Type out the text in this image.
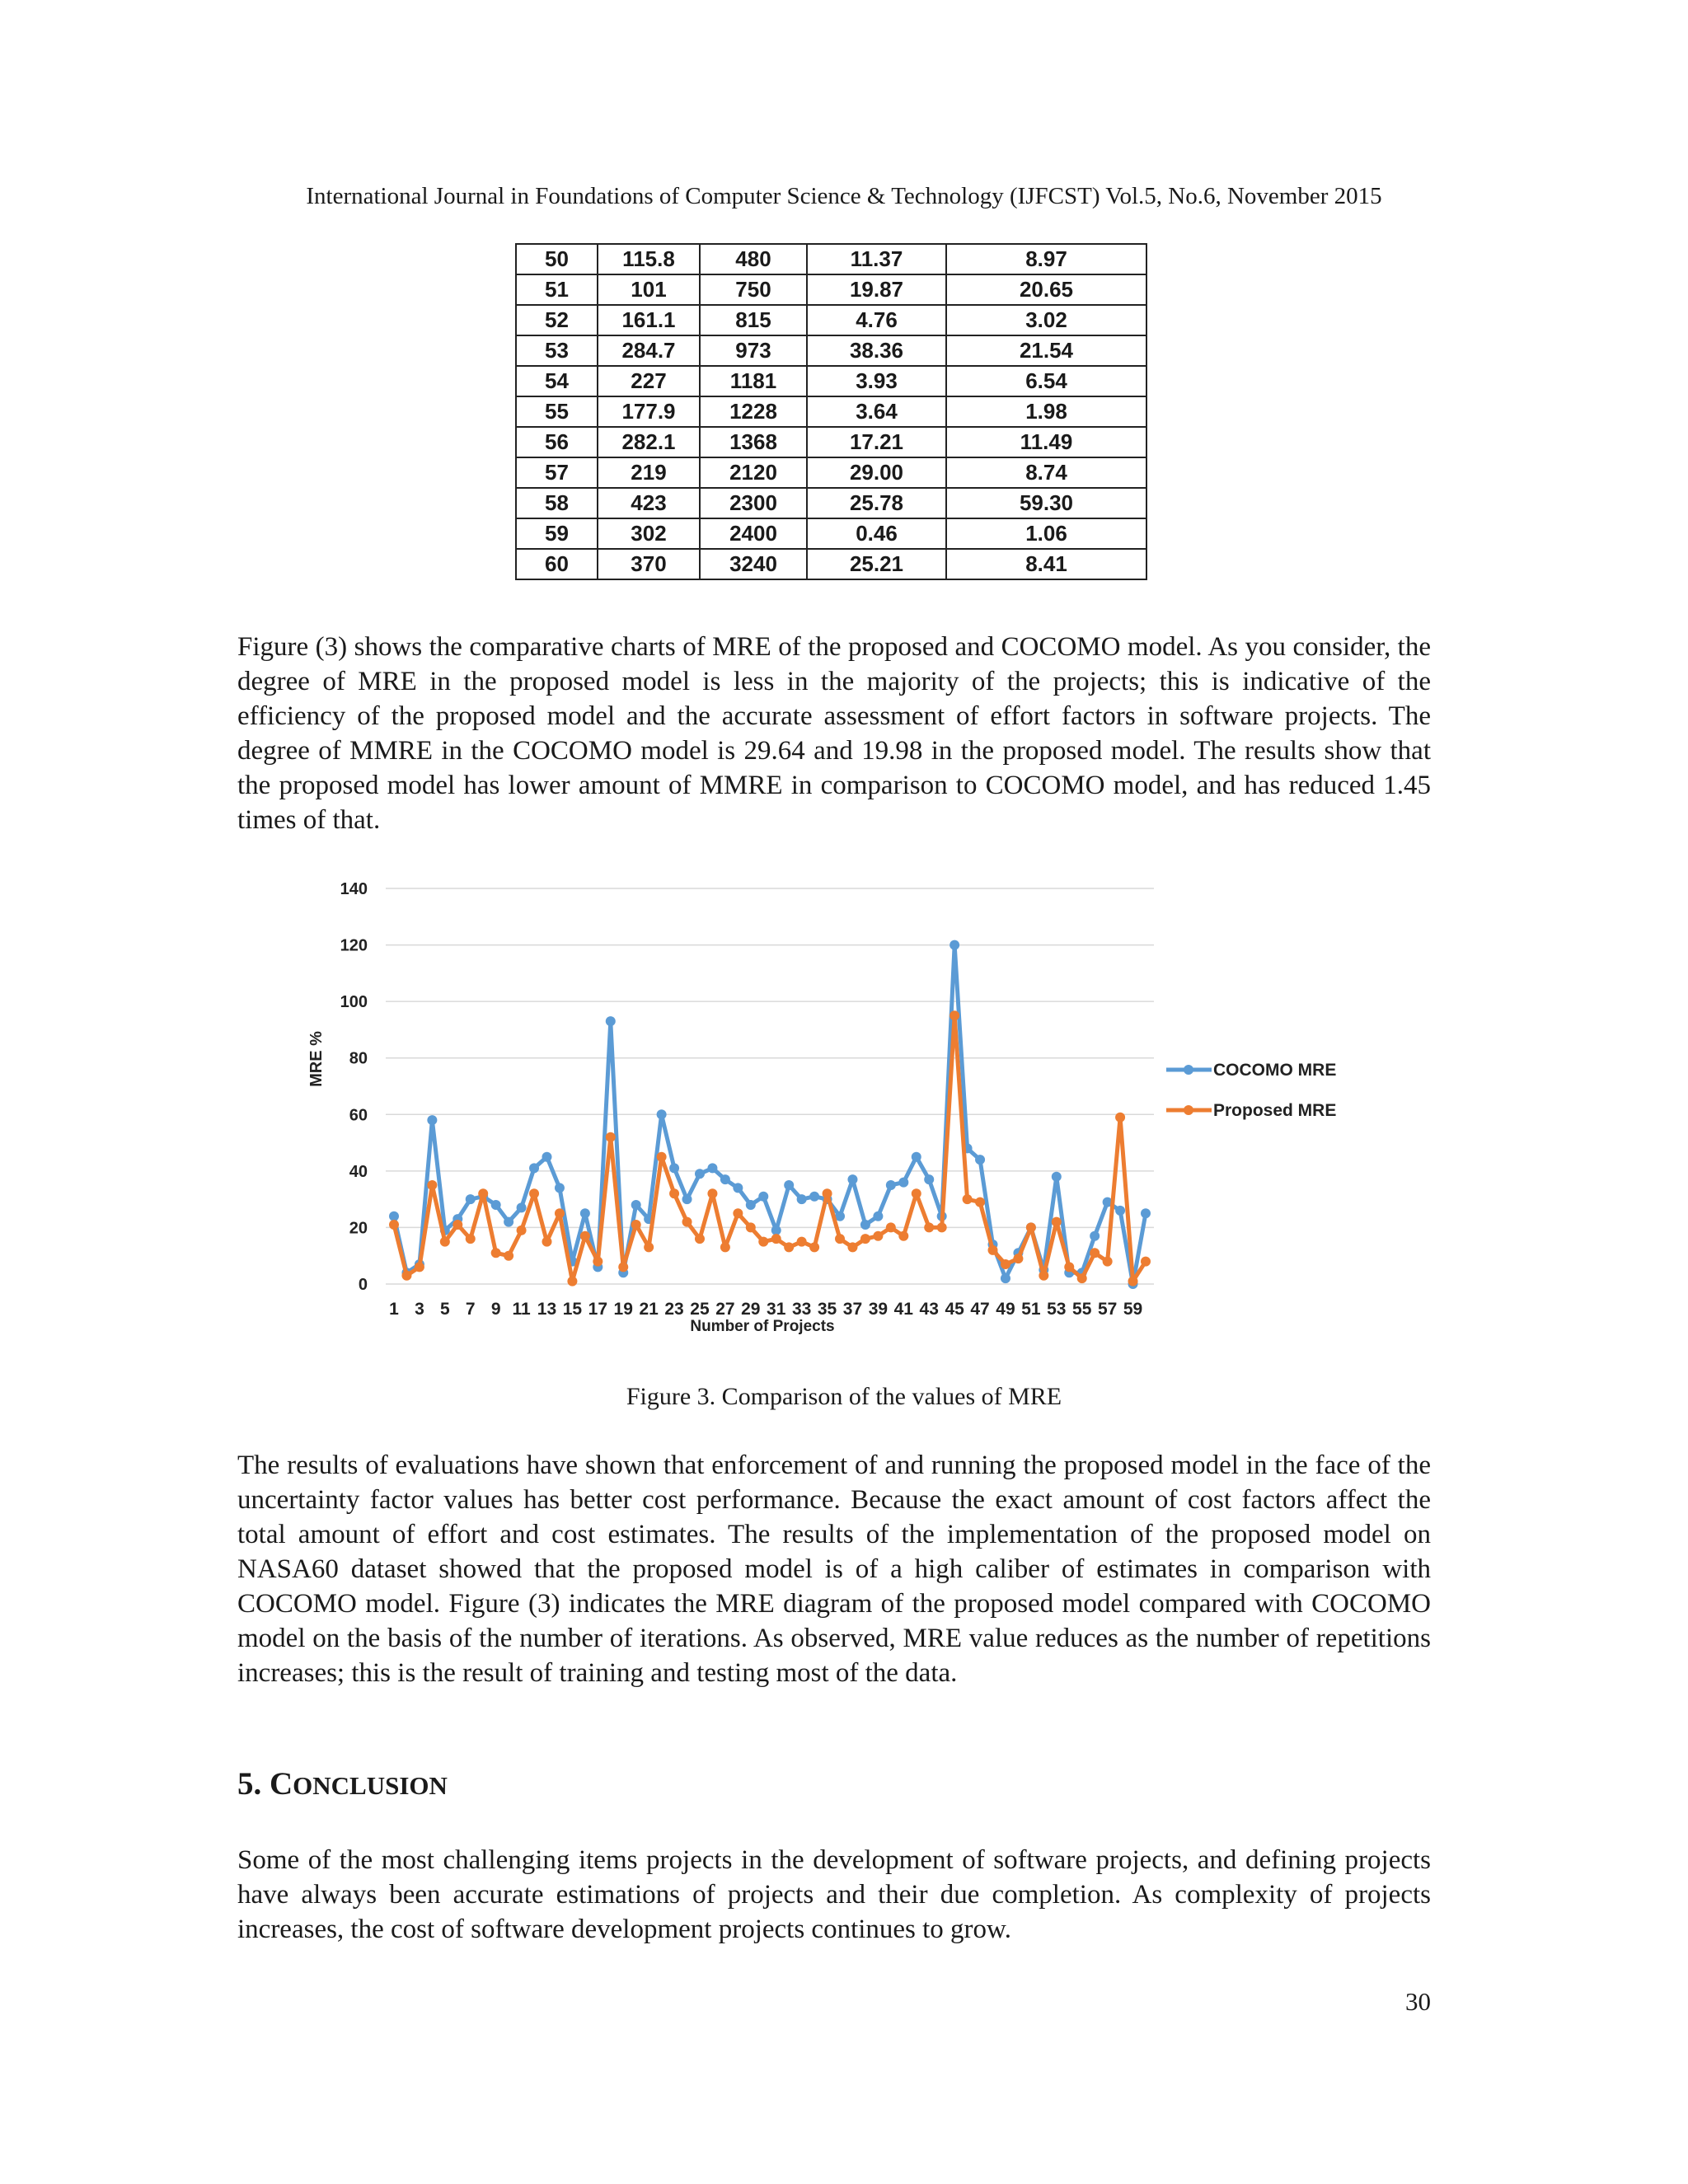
International Journal in Foundations of Computer Science & Technology (IJFCST) Vol.5, No.6, November 2015
50	115.8	480	11.37	8.97
51	101	750	19.87	20.65
52	161.1	815	4.76	3.02
53	284.7	973	38.36	21.54
54	227	1181	3.93	6.54
55	177.9	1228	3.64	1.98
56	282.1	1368	17.21	11.49
57	219	2120	29.00	8.74
58	423	2300	25.78	59.30
59	302	2400	0.46	1.06
60	370	3240	25.21	8.41

Figure (3) shows the comparative charts of MRE of the proposed and COCOMO model. As you consider, the degree of MRE in the proposed model is less in the majority of the projects; this is indicative of the efficiency of the proposed model and the accurate assessment of effort factors in software projects. The degree of MMRE in the COCOMO model is 29.64 and 19.98 in the proposed model. The results show that the proposed model has lower amount of MMRE in comparison to COCOMO model, and has reduced 1.45 times of that.

0
20
40
60
80
100
120
140
1 3 5 7 9 11 13 15 17 19 21 23 25 27 29 31 33 35 37 39 41 43 45 47 49 51 53 55 57 59
MRE %
Number of Projects
COCOMO MRE
Proposed MRE
Figure 3. Comparison of the values of MRE

The results of evaluations have shown that enforcement of and running the proposed model in the face of the uncertainty factor values has better cost performance. Because the exact amount of cost factors affect the total amount of effort and cost estimates. The results of the implementation of the proposed model on NASA60 dataset showed that the proposed model is of a high caliber of estimates in comparison with COCOMO model. Figure (3) indicates the MRE diagram of the proposed model compared with COCOMO model on the basis of the number of iterations. As observed, MRE value reduces as the number of repetitions increases; this is the result of training and testing most of the data.

5. CONCLUSION

Some of the most challenging items projects in the development of software projects, and defining projects have always been accurate estimations of projects and their due completion. As complexity of projects increases, the cost of software development projects continues to grow.

30
